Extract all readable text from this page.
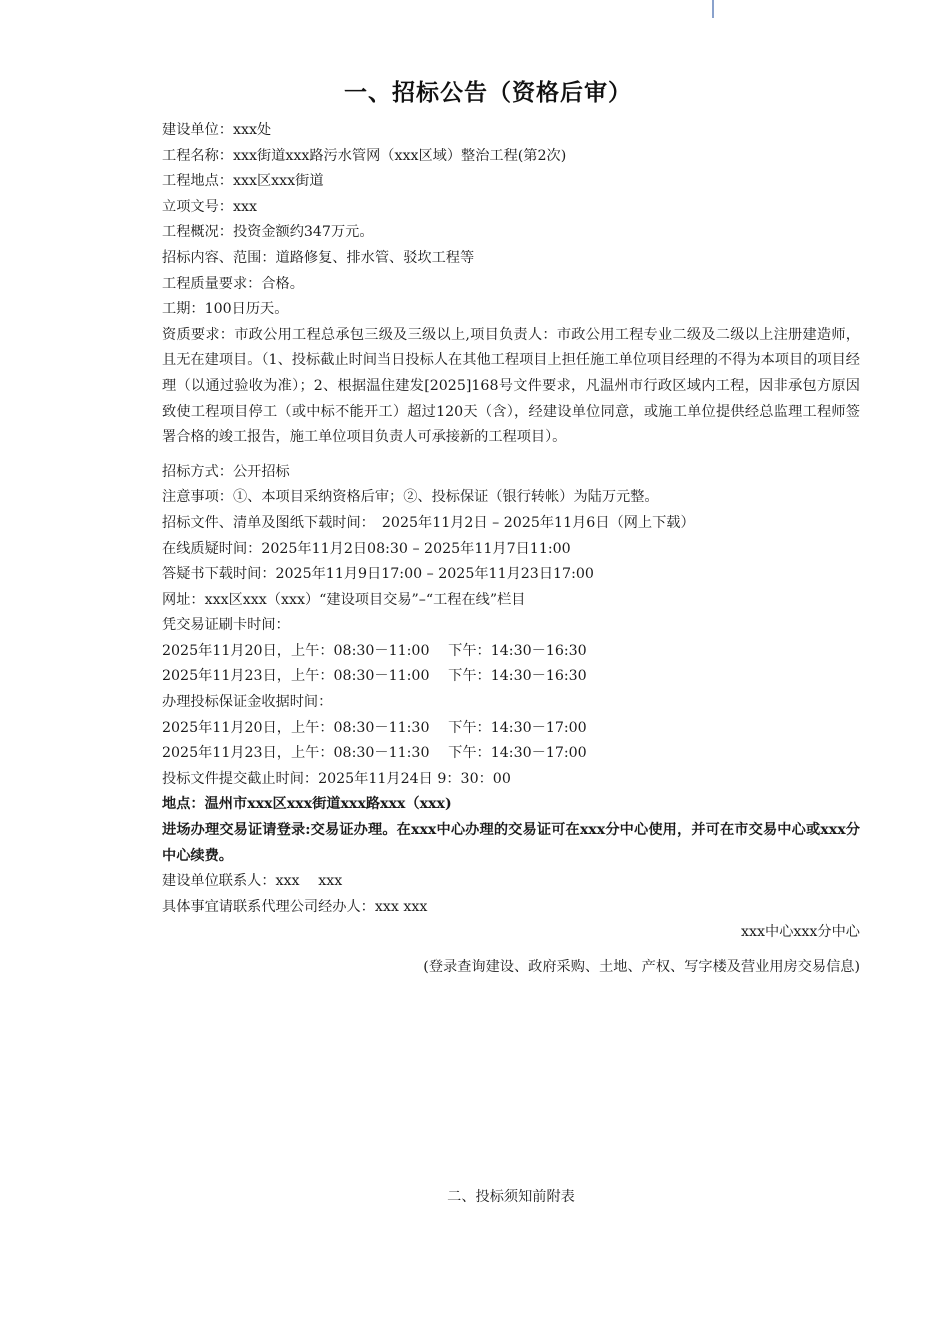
一、招标公告（资格后审）
建设单位：xxx处
工程名称：xxx街道xxx路污水管网（xxx区域）整治工程(第2次)
工程地点：xxx区xxx街道
立项文号：xxx
工程概况：投资金额约347万元。
招标内容、范围：道路修复、排水管、驳坎工程等
工程质量要求：合格。
工期：100日历天。
资质要求：市政公用工程总承包三级及三级以上,项目负责人：市政公用工程专业二级及二级以上注册建造师，且无在建项目。（1、投标截止时间当日投标人在其他工程项目上担任施工单位项目经理的不得为本项目的项目经理（以通过验收为准）；2、根据温住建发[2025]168号文件要求，凡温州市行政区域内工程，因非承包方原因致使工程项目停工（或中标不能开工）超过120天（含），经建设单位同意，或施工单位提供经总监理工程师签署合格的竣工报告，施工单位项目负责人可承接新的工程项目）。
招标方式：公开招标
注意事项：①、本项目采纳资格后审；②、投标保证（银行转帐）为陆万元整。
招标文件、清单及图纸下载时间：　2025年11月2日 – 2025年11月6日（网上下载）
在线质疑时间：2025年11月2日08:30 – 2025年11月7日11:00
答疑书下载时间：2025年11月9日17:00 – 2025年11月23日17:00
网址：xxx区xxx（xxx）“建设项目交易”–“工程在线”栏目
凭交易证刷卡时间：
2025年11月20日，上午：08:30－11:00　 下午：14:30－16:30
2025年11月23日，上午：08:30－11:00　 下午：14:30－16:30
办理投标保证金收据时间：
2025年11月20日，上午：08:30－11:30　 下午：14:30－17:00
2025年11月23日，上午：08:30－11:30　 下午：14:30－17:00
投标文件提交截止时间：2025年11月24日 9：30：00
地点：温州市xxx区xxx街道xxx路xxx（xxx)
进场办理交易证请登录:交易证办理。在xxx中心办理的交易证可在xxx分中心使用，并可在市交易中心或xxx分中心续费。
建设单位联系人：xxx　 xxx
具体事宜请联系代理公司经办人：xxx xxx
xxx中心xxx分中心
(登录查询建设、政府采购、土地、产权、写字楼及营业用房交易信息)
二、投标须知前附表
